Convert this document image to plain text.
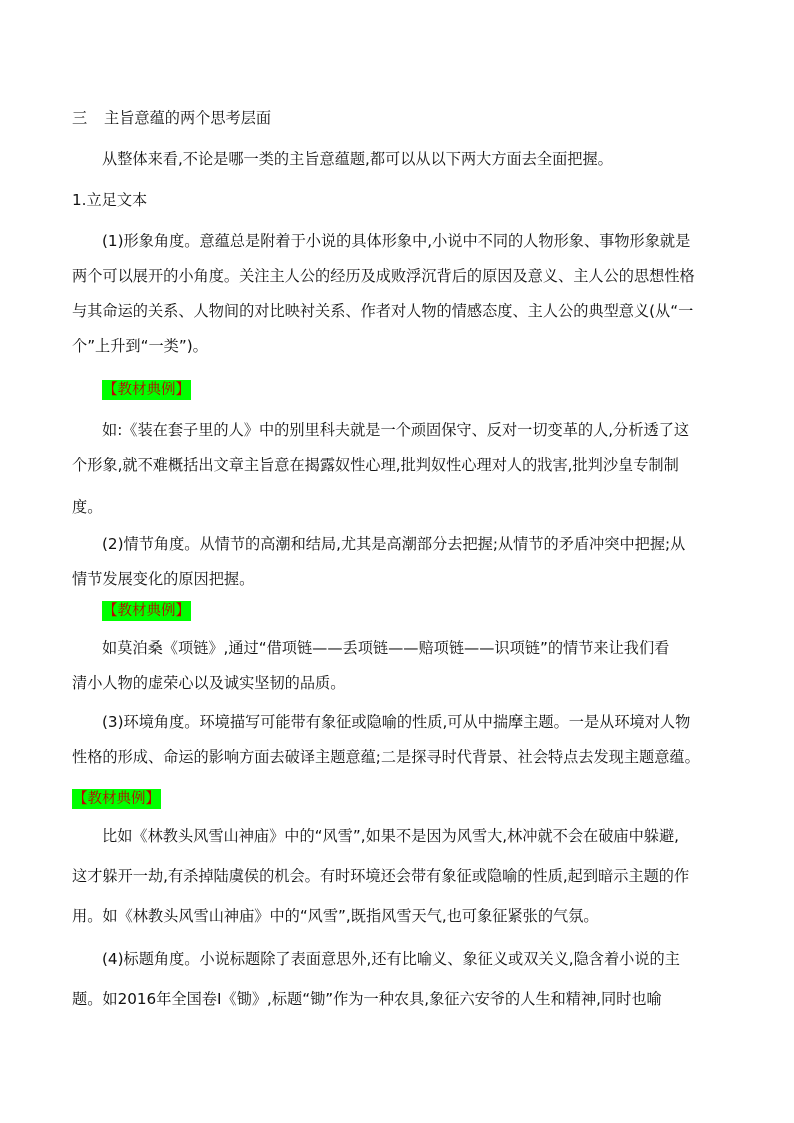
三 主旨意蕴的两个思考层面
从整体来看,不论是哪一类的主旨意蕴题,都可以从以下两大方面去全面把握。
1.立足文本
(1)形象角度。意蕴总是附着于小说的具体形象中,小说中不同的人物形象、事物形象就是
两个可以展开的小角度。关注主人公的经历及成败浮沉背后的原因及意义、主人公的思想性格
与其命运的关系、人物间的对比映衬关系、作者对人物的情感态度、主人公的典型意义(从“一
个”上升到“一类”)。
【教材典例】
如:《装在套子里的人》中的别里科夫就是一个顽固保守、反对一切变革的人,分析透了这
个形象,就不难概括出文章主旨意在揭露奴性心理,批判奴性心理对人的戕害,批判沙皇专制制
度。
(2)情节角度。从情节的高潮和结局,尤其是高潮部分去把握;从情节的矛盾冲突中把握;从
情节发展变化的原因把握。
【教材典例】
如莫泊桑《项链》,通过“借项链——丢项链——赔项链——识项链”的情节来让我们看
清小人物的虚荣心以及诚实坚韧的品质。
(3)环境角度。环境描写可能带有象征或隐喻的性质,可从中揣摩主题。一是从环境对人物
性格的形成、命运的影响方面去破译主题意蕴;二是探寻时代背景、社会特点去发现主题意蕴。
【教材典例】
比如《林教头风雪山神庙》中的“风雪”,如果不是因为风雪大,林冲就不会在破庙中躲避,
这才躲开一劫,有杀掉陆虞侯的机会。有时环境还会带有象征或隐喻的性质,起到暗示主题的作
用。如《林教头风雪山神庙》中的“风雪”,既指风雪天气,也可象征紧张的气氛。
(4)标题角度。小说标题除了表面意思外,还有比喻义、象征义或双关义,隐含着小说的主
题。如2016年全国卷Ⅰ《锄》,标题“锄”作为一种农具,象征六安爷的人生和精神,同时也喻
